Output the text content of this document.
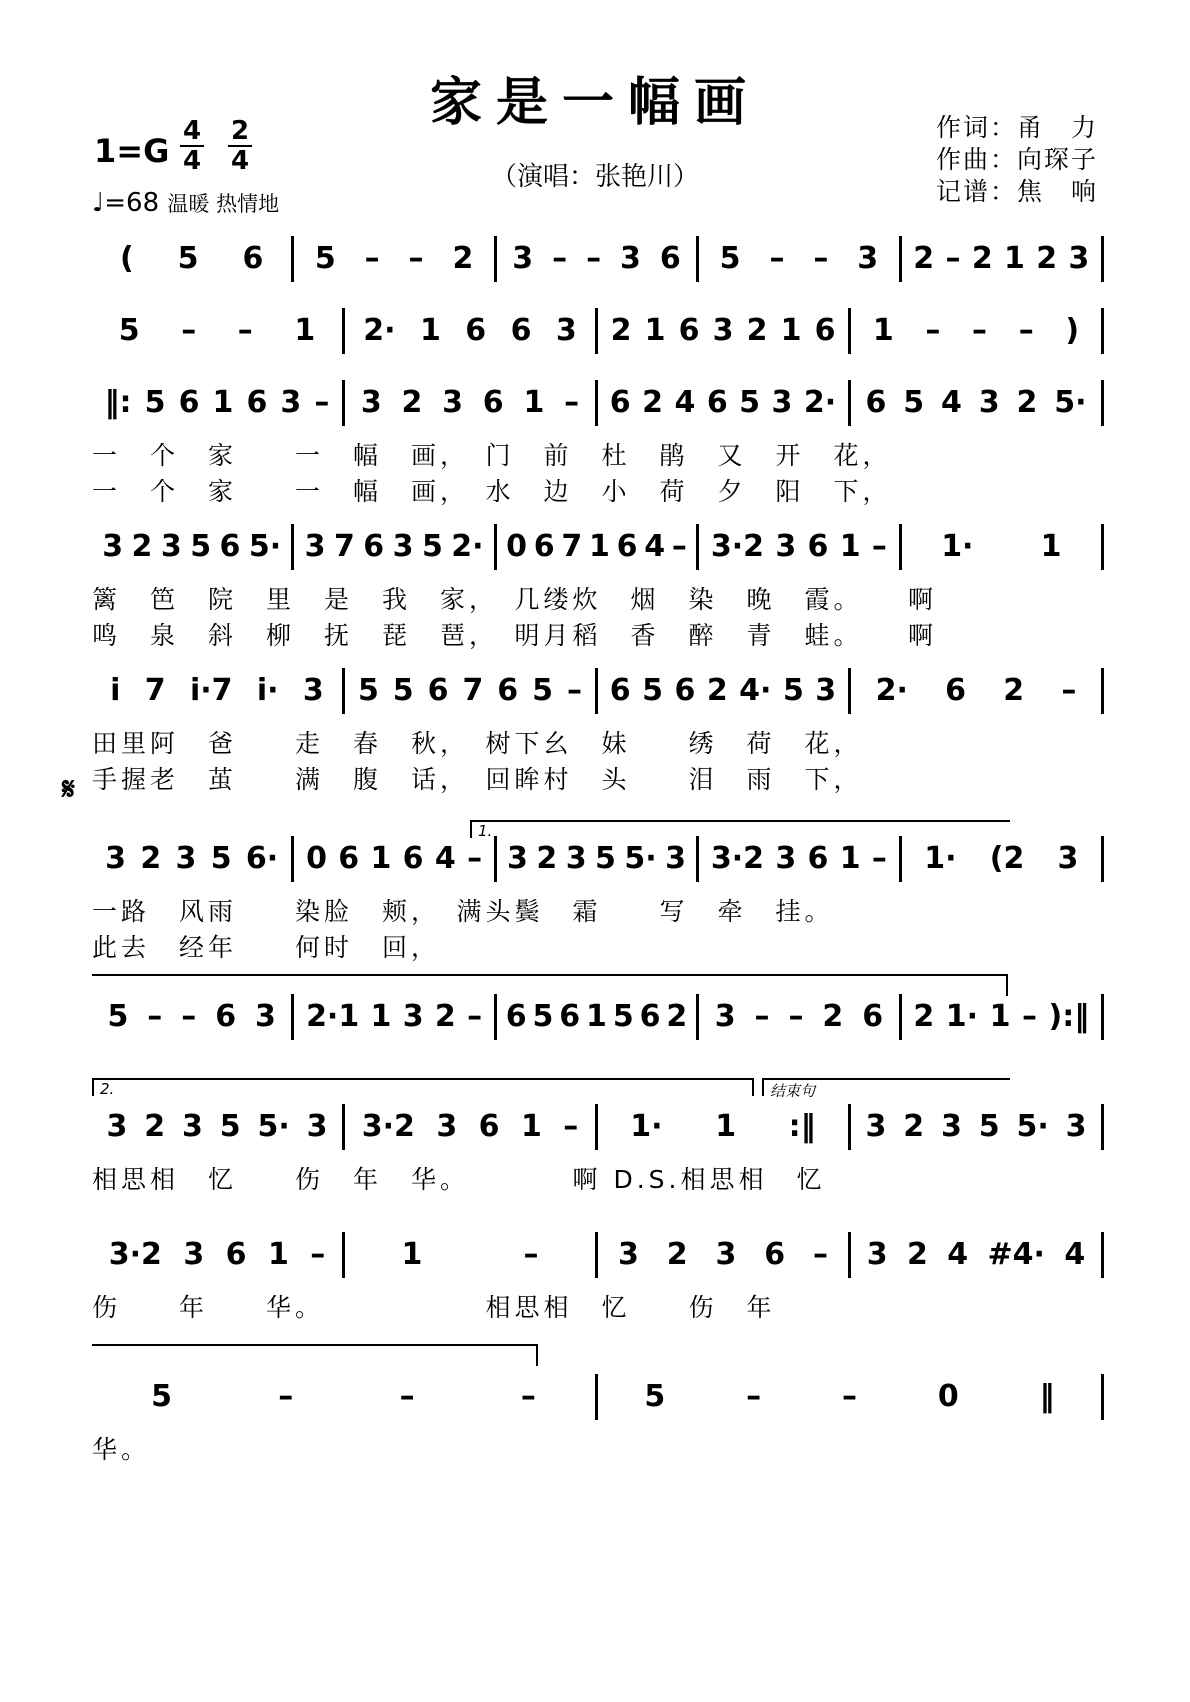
家是一幅画
（演唱：张艳川）
作词：甬　力
作曲：向琛子
记谱：焦　响
1=G
4
4
2
4
♩=68 温暖 热情地
( 5 6 5 – – 2 3 – – 3 6 5 – – 3 2 – 2 1 2 3
5 – – 1 2· 1 6 6 3 2 1 6 3 2 1 6 1 – – – )
‖: 5 6 1 6 3 – 3 2 3 6 1 – 6 2 4 6 5 3 2· 6 5 4 3 2 5·
一　个　家　　一　幅　画，　门　前　杜　鹃　又　开　花，
一　个　家　　一　幅　画，　水　边　小　荷　夕　阳　下，
3 2 3 5 6 5· 3 7 6 3 5 2· 0 6 7 1 6 4 – 3·2 3 6 1 – 1· 1
篱　笆　院　里　是　我　家，　几缕炊　烟　染　晚　霞。　　啊
鸣　泉　斜　柳　抚　琵　琶，　明月稻　香　醉　青　蛙。　　啊
i 7 i·7 i· 3 5 5 6 7 6 5 – 6 5 6 2 4· 5 3 2· 6 2 –
田里阿　爸　　走　春　秋，　树下幺　妹　　绣　荷　花，
手握老　茧　　满　腹　话，　回眸村　头　　泪　雨　下，
3 2 3 5 6· 0 6 1 6 4 – 3 2 3 5 5· 3 3·2 3 6 1 – 1· (2 3
一路　风雨　　染脸　颊，　满头鬓　霜　　写　牵　挂。
此去　经年　　何时　回，
5 – – 6 3 2·1 1 3 2 – 6 5 6 1 5 6 2 3 – – 2 6 2 1· 1 – ):‖
3 2 3 5 5· 3 3·2 3 6 1 – 1· 1 :‖ 3 2 3 5 5· 3
相思相　忆　　伤　年　华。　　　　啊 D.S.相思相　忆
3·2 3 6 1 –	1	–	3 2 3 6 – 3 2 4 #4· 4
伤　　年　　华。　　　　　　相思相　忆　　伤　年
5	–	–	–	5	–	–	0	‖
华。
1.
2.	结束句
𝄋
